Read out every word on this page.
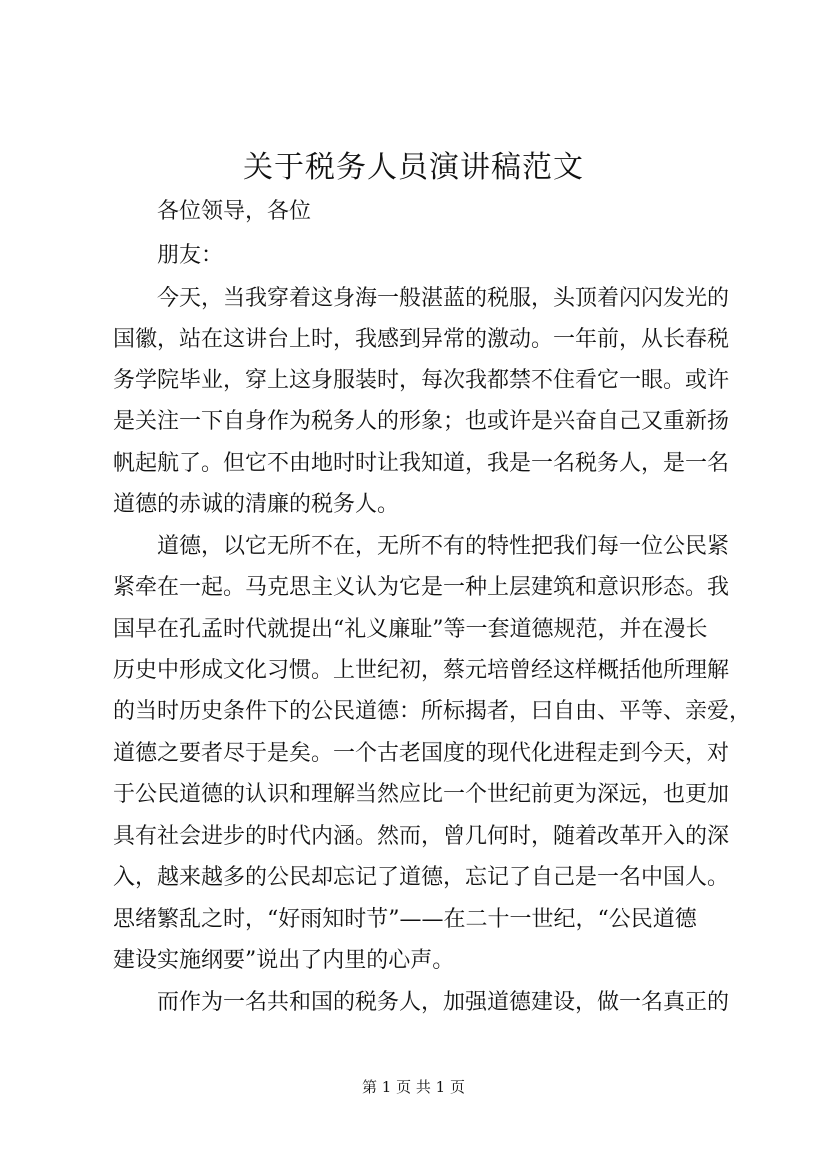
关于税务人员演讲稿范文
各位领导，各位
朋友：
今天，当我穿着这身海一般湛蓝的税服，头顶着闪闪发光的
国徽，站在这讲台上时，我感到异常的激动。一年前，从长春税
务学院毕业，穿上这身服装时，每次我都禁不住看它一眼。或许
是关注一下自身作为税务人的形象；也或许是兴奋自己又重新扬
帆起航了。但它不由地时时让我知道，我是一名税务人，是一名
道德的赤诚的清廉的税务人。
道德，以它无所不在，无所不有的特性把我们每一位公民紧
紧牵在一起。马克思主义认为它是一种上层建筑和意识形态。我
国早在孔孟时代就提出“礼义廉耻”等一套道德规范，并在漫长
历史中形成文化习惯。上世纪初，蔡元培曾经这样概括他所理解
的当时历史条件下的公民道德：所标揭者，曰自由、平等、亲爱，
道德之要者尽于是矣。一个古老国度的现代化进程走到今天，对
于公民道德的认识和理解当然应比一个世纪前更为深远，也更加
具有社会进步的时代内涵。然而，曾几何时，随着改革开入的深
入，越来越多的公民却忘记了道德，忘记了自己是一名中国人。
思绪繁乱之时，“好雨知时节”——在二十一世纪，“公民道德
建设实施纲要”说出了内里的心声。
而作为一名共和国的税务人，加强道德建设，做一名真正的
第 1 页 共 1 页
